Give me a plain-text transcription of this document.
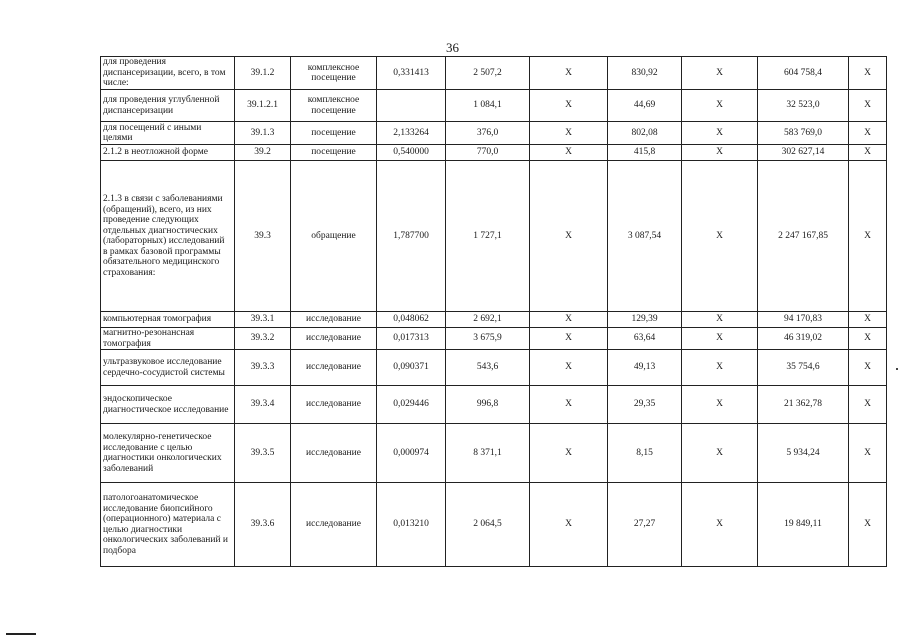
36
для проведения диспансеризации, всего, в том числе:	39.1.2	комплексное посещение	0,331413	2 507,2	X	830,92	X	604 758,4	X
для проведения углубленной диспансеризации	39.1.2.1	комплексное посещение		1 084,1	X	44,69	X	32 523,0	X
для посещений с иными целями	39.1.3	посещение	2,133264	376,0	X	802,08	X	583 769,0	X
2.1.2 в неотложной форме	39.2	посещение	0,540000	770,0	X	415,8	X	302 627,14	X
2.1.3 в связи с заболеваниями (обращений), всего, из них проведение следующих отдельных диагностических (лабораторных) исследований в рамках базовой программы обязательного медицинского страхования:	39.3	обращение	1,787700	1 727,1	X	3 087,54	X	2 247 167,85	X
компьютерная томография	39.3.1	исследование	0,048062	2 692,1	X	129,39	X	94 170,83	X
магнитно-резонансная томография	39.3.2	исследование	0,017313	3 675,9	X	63,64	X	46 319,02	X
ультразвуковое исследование сердечно-сосудистой системы	39.3.3	исследование	0,090371	543,6	X	49,13	X	35 754,6	X
эндоскопическое диагностическое исследование	39.3.4	исследование	0,029446	996,8	X	29,35	X	21 362,78	X
молекулярно-генетическое исследование с целью диагностики онкологических заболеваний	39.3.5	исследование	0,000974	8 371,1	X	8,15	X	5 934,24	X
патологоанатомическое исследование биопсийного (операционного) материала с целью диагностики онкологических заболеваний и подбора	39.3.6	исследование	0,013210	2 064,5	X	27,27	X	19 849,11	X
